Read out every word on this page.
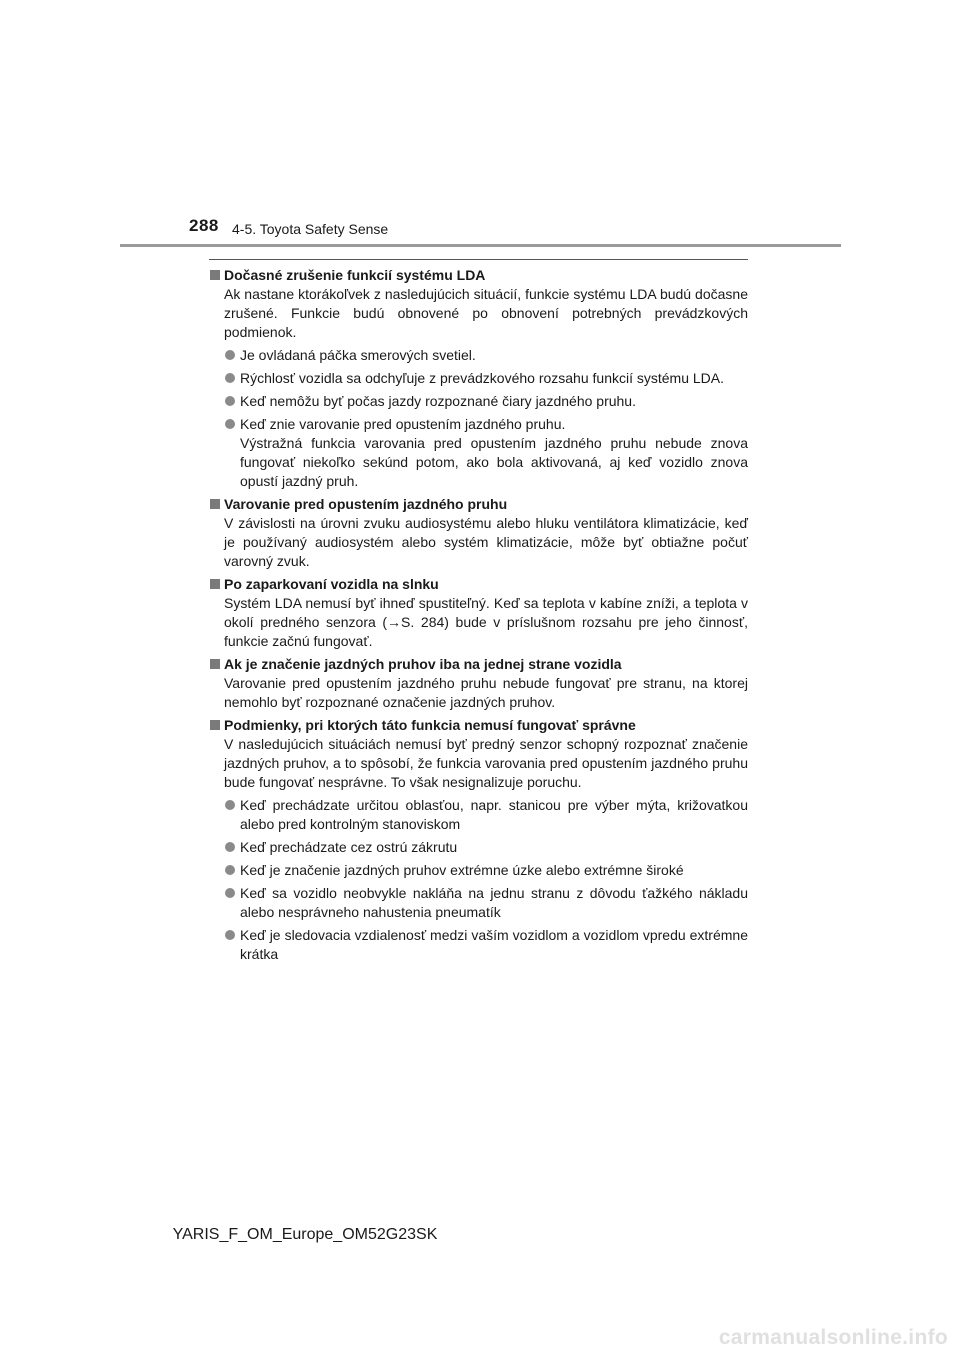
288 4-5. Toyota Safety Sense
Dočasné zrušenie funkcií systému LDA

Ak nastane ktorákoľvek z nasledujúcich situácií, funkcie systému LDA budú dočasne zrušené. Funkcie budú obnovené po obnovení potrebných prevádzkových podmienok.

Je ovládaná páčka smerových svetiel.

Rýchlosť vozidla sa odchyľuje z prevádzkového rozsahu funkcií systému LDA.

Keď nemôžu byť počas jazdy rozpoznané čiary jazdného pruhu.

Keď znie varovanie pred opustením jazdného pruhu.

Výstražná funkcia varovania pred opustením jazdného pruhu nebude znova fungovať niekoľko sekúnd potom, ako bola aktivovaná, aj keď vozidlo znova opustí jazdný pruh.

Varovanie pred opustením jazdného pruhu

V závislosti na úrovni zvuku audiosystému alebo hluku ventilátora klimatizácie, keď je používaný audiosystém alebo systém klimatizácie, môže byť obtiažne počuť varovný zvuk.

Po zaparkovaní vozidla na slnku

Systém LDA nemusí byť ihneď spustiteľný. Keď sa teplota v kabíne zníži, a teplota v okolí predného senzora (→S. 284) bude v príslušnom rozsahu pre jeho činnosť, funkcie začnú fungovať.

Ak je značenie jazdných pruhov iba na jednej strane vozidla

Varovanie pred opustením jazdného pruhu nebude fungovať pre stranu, na ktorej nemohlo byť rozpoznané označenie jazdných pruhov.

Podmienky, pri ktorých táto funkcia nemusí fungovať správne

V nasledujúcich situáciách nemusí byť predný senzor schopný rozpoznať značenie jazdných pruhov, a to spôsobí, že funkcia varovania pred opustením jazdného pruhu bude fungovať nesprávne. To však nesignalizuje poruchu.

Keď prechádzate určitou oblasťou, napr. stanicou pre výber mýta, križovatkou alebo pred kontrolným stanoviskom

Keď prechádzate cez ostrú zákrutu

Keď je značenie jazdných pruhov extrémne úzke alebo extrémne široké

Keď sa vozidlo neobvykle nakláňa na jednu stranu z dôvodu ťažkého nákladu alebo nesprávneho nahustenia pneumatík

Keď je sledovacia vzdialenosť medzi vaším vozidlom a vozidlom vpredu extrémne krátka

YARIS_F_OM_Europe_OM52G23SK
carmanualsonline.info
